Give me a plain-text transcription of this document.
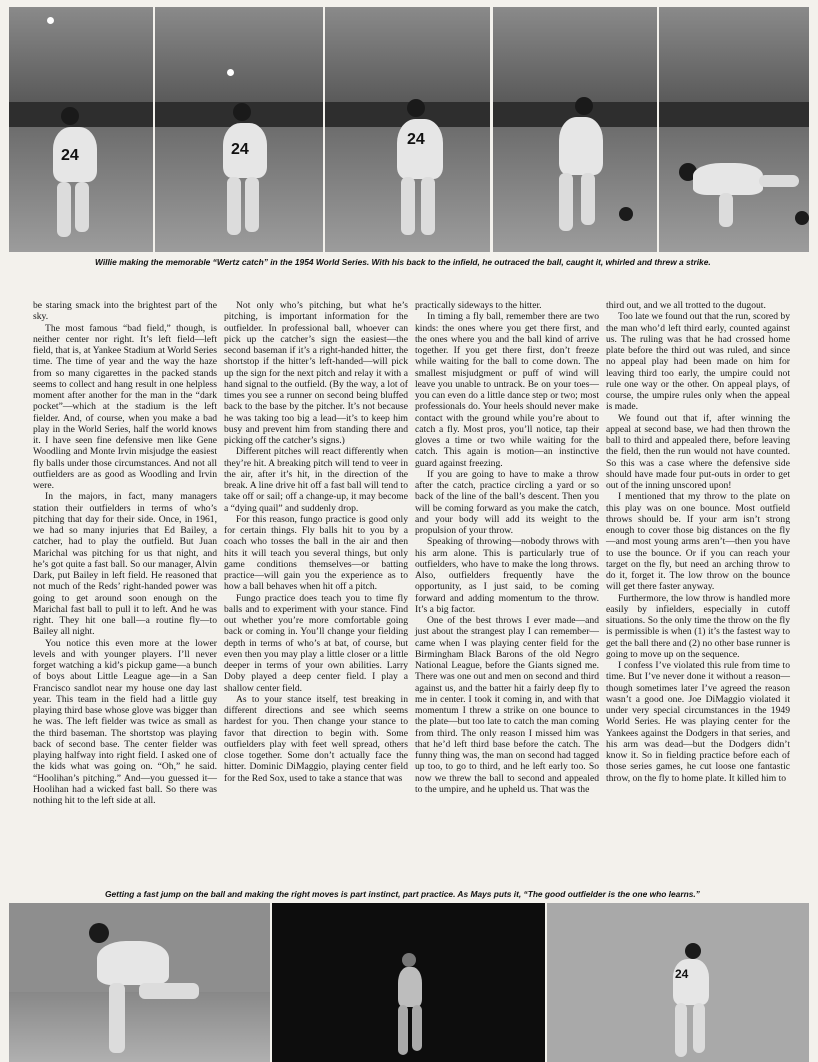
24	24
24
Willie making the memorable “Wertz catch” in the 1954 World Series. With his back to the infield, he outraced the ball, caught it, whirled and threw a strike.

be staring smack into the brightest part of the sky.

The most famous “bad field,” though, is neither center nor right. It’s left field—left field, that is, at Yankee Stadium at World Series time. The time of year and the way the haze from so many cigarettes in the packed stands seems to collect and hang result in one helpless moment after another for the man in the “dark pocket”—which at the stadium is the left fielder. And, of course, when you make a bad play in the World Series, half the world knows it. I have seen fine defensive men like Gene Woodling and Monte Irvin misjudge the easiest fly balls under those circumstances. And not all outfielders are as good as Woodling and Irvin were.

In the majors, in fact, many managers station their outfielders in terms of who’s pitching that day for their side. Once, in 1961, we had so many injuries that Ed Bailey, a catcher, had to play the outfield. But Juan Marichal was pitching for us that night, and he’s got quite a fast ball. So our manager, Alvin Dark, put Bailey in left field. He reasoned that not much of the Reds’ right-handed power was going to get around soon enough on the Marichal fast ball to pull it to left. And he was right. They hit one ball—a routine fly—to Bailey all night.

You notice this even more at the lower levels and with younger players. I’ll never forget watching a kid’s pickup game—a bunch of boys about Little League age—in a San Francisco sandlot near my house one day last year. This team in the field had a little guy playing third base whose glove was bigger than he was. The left fielder was twice as small as the third baseman. The shortstop was playing back of second base. The center fielder was playing halfway into right field. I asked one of the kids what was going on. “Oh,” he said. “Hoolihan’s pitching.” And—you guessed it—Hoolihan had a wicked fast ball. So there was nothing hit to the left side at all.

Not only who’s pitching, but what he’s pitching, is important information for the outfielder. In professional ball, whoever can pick up the catcher’s sign the easiest—the second baseman if it’s a right-handed hitter, the shortstop if the hitter’s left-handed—will pick up the sign for the next pitch and relay it with a hand signal to the outfield. (By the way, a lot of times you see a runner on second being bluffed back to the base by the pitcher. It’s not because he was taking too big a lead—it’s to keep him busy and prevent him from standing there and picking off the catcher’s signs.)

Different pitches will react differently when they’re hit. A breaking pitch will tend to veer in the air, after it’s hit, in the direction of the break. A line drive hit off a fast ball will tend to take off or sail; off a change-up, it may become a “dying quail” and suddenly drop.

For this reason, fungo practice is good only for certain things. Fly balls hit to you by a coach who tosses the ball in the air and then hits it will teach you several things, but only game conditions themselves—or batting practice—will gain you the experience as to how a ball behaves when hit off a pitch.

Fungo practice does teach you to time fly balls and to experiment with your stance. Find out whether you’re more comfortable going back or coming in. You’ll change your fielding depth in terms of who’s at bat, of course, but even then you may play a little closer or a little deeper in terms of your own abilities. Larry Doby played a deep center field. I play a shallow center field.

As to your stance itself, test breaking in different directions and see which seems hardest for you. Then change your stance to favor that direction to begin with. Some outfielders play with feet well spread, others close together. Some don’t actually face the hitter. Dominic DiMaggio, playing center field for the Red Sox, used to take a stance that was

practically sideways to the hitter.

In timing a fly ball, remember there are two kinds: the ones where you get there first, and the ones where you and the ball kind of arrive together. If you get there first, don’t freeze while waiting for the ball to come down. The smallest misjudgment or puff of wind will leave you unable to untrack. Be on your toes—you can even do a little dance step or two; most professionals do. Your heels should never make contact with the ground while you’re about to catch a fly. Most pros, you’ll notice, tap their gloves a time or two while waiting for the catch. This again is motion—an instinctive guard against freezing.

If you are going to have to make a throw after the catch, practice circling a yard or so back of the line of the ball’s descent. Then you will be coming forward as you make the catch, and your body will add its weight to the propulsion of your throw.

Speaking of throwing—nobody throws with his arm alone. This is particularly true of outfielders, who have to make the long throws. Also, outfielders frequently have the opportunity, as I just said, to be coming forward and adding momentum to the throw. It’s a big factor.

One of the best throws I ever made—and just about the strangest play I can remember—came when I was playing center field for the Birmingham Black Barons of the old Negro National League, before the Giants signed me. There was one out and men on second and third against us, and the batter hit a fairly deep fly to me in center. I took it coming in, and with that momentum I threw a strike on one bounce to the plate—but too late to catch the man coming from third. The only reason I missed him was that he’d left third base before the catch. The funny thing was, the man on second had tagged up too, to go to third, and he left early too. So now we threw the ball to second and appealed to the umpire, and he upheld us. That was the

third out, and we all trotted to the dugout.

Too late we found out that the run, scored by the man who’d left third early, counted against us. The ruling was that he had crossed home plate before the third out was ruled, and since no appeal play had been made on him for leaving third too early, the umpire could not rule one way or the other. On appeal plays, of course, the umpire rules only when the appeal is made.

We found out that if, after winning the appeal at second base, we had then thrown the ball to third and appealed there, before leaving the field, then the run would not have counted. So this was a case where the defensive side should have made four put-outs in order to get out of the inning unscored upon!

I mentioned that my throw to the plate on this play was on one bounce. Most outfield throws should be. If your arm isn’t strong enough to cover those big distances on the fly—and most young arms aren’t—then you have to use the bounce. Or if you can reach your target on the fly, but need an arching throw to do it, forget it. The low throw on the bounce will get there faster anyway.

Furthermore, the low throw is handled more easily by infielders, especially in cutoff situations. So the only time the throw on the fly is permissible is when (1) it’s the fastest way to get the ball there and (2) no other base runner is going to move up on the sequence.

I confess I’ve violated this rule from time to time. But I’ve never done it without a reason—though sometimes later I’ve agreed the reason wasn’t a good one. Joe DiMaggio violated it under very special circumstances in the 1949 World Series. He was playing center for the Yankees against the Dodgers in that series, and his arm was dead—but the Dodgers didn’t know it. So in fielding practice before each of those series games, he cut loose one fantastic throw, on the fly to home plate. It killed him to

Getting a fast jump on the ball and making the right moves is part instinct, part practice. As Mays puts it, “The good outfielder is the one who learns.”
24
